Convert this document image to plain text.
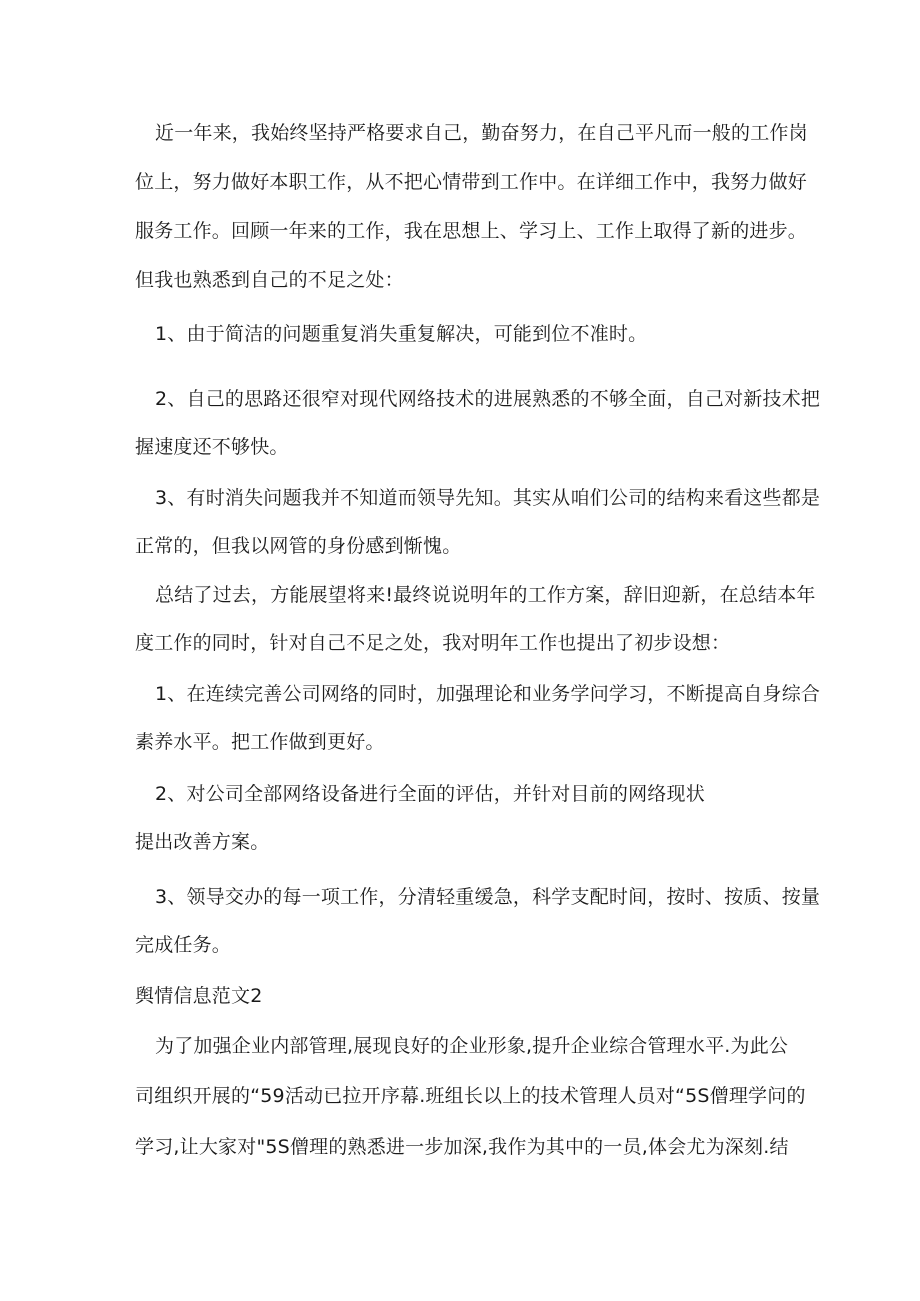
近一年来，我始终坚持严格要求自己，勤奋努力，在自己平凡而一般的工作岗
位上，努力做好本职工作，从不把心情带到工作中。在详细工作中，我努力做好
服务工作。回顾一年来的工作，我在思想上、学习上、工作上取得了新的进步。
但我也熟悉到自己的不足之处：
1、由于简洁的问题重复消失重复解决，可能到位不准时。
2、自己的思路还很窄对现代网络技术的进展熟悉的不够全面，自己对新技术把
握速度还不够快。
3、有时消失问题我并不知道而领导先知。其实从咱们公司的结构来看这些都是
正常的，但我以网管的身份感到惭愧。
总结了过去，方能展望将来!最终说说明年的工作方案，辞旧迎新，在总结本年
度工作的同时，针对自己不足之处，我对明年工作也提出了初步设想：
1、在连续完善公司网络的同时，加强理论和业务学问学习，不断提高自身综合
素养水平。把工作做到更好。
2、对公司全部网络设备进行全面的评估，并针对目前的网络现状
提出改善方案。
3、领导交办的每一项工作，分清轻重缓急，科学支配时间，按时、按质、按量
完成任务。
舆情信息范文2
为了加强企业内部管理,展现良好的企业形象,提升企业综合管理水平.为此公
司组织开展的“59活动已拉开序幕.班组长以上的技术管理人员对“5S僧理学问的
学习,让大家对"5S僧理的熟悉进一步加深,我作为其中的一员,体会尤为深刻.结
